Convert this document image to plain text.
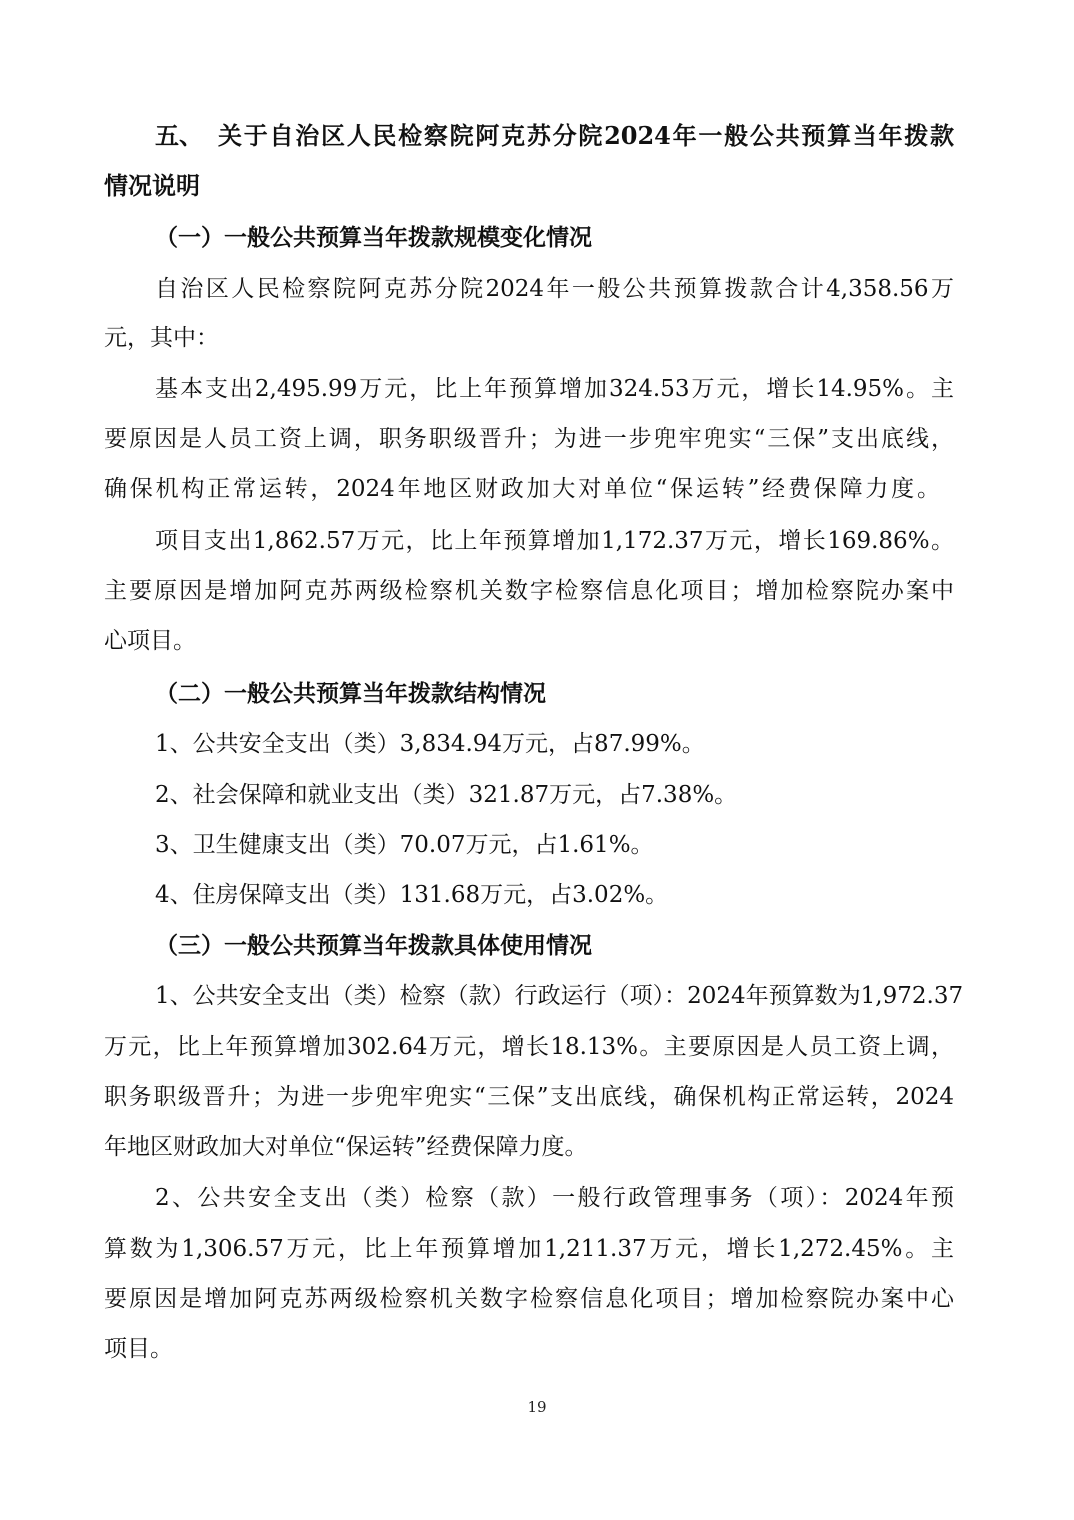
五、 关于自治区人民检察院阿克苏分院2024年一般公共预算当年拨款
情况说明
（一）一般公共预算当年拨款规模变化情况
自治区人民检察院阿克苏分院2024年一般公共预算拨款合计4,358.56万
元，其中：
基本支出2,495.99万元，比上年预算增加324.53万元，增长14.95%。主
要原因是人员工资上调，职务职级晋升；为进一步兜牢兜实“三保”支出底线，
确保机构正常运转，2024年地区财政加大对单位“保运转”经费保障力度。
项目支出1,862.57万元，比上年预算增加1,172.37万元，增长169.86%。
主要原因是增加阿克苏两级检察机关数字检察信息化项目；增加检察院办案中
心项目。
（二）一般公共预算当年拨款结构情况
1、公共安全支出（类）3,834.94万元，占87.99%。
2、社会保障和就业支出（类）321.87万元，占7.38%。
3、卫生健康支出（类）70.07万元，占1.61%。
4、住房保障支出（类）131.68万元，占3.02%。
（三）一般公共预算当年拨款具体使用情况
1、公共安全支出（类）检察（款）行政运行（项）：2024年预算数为1,972.37
万元，比上年预算增加302.64万元，增长18.13%。主要原因是人员工资上调，
职务职级晋升；为进一步兜牢兜实“三保”支出底线，确保机构正常运转，2024
年地区财政加大对单位“保运转”经费保障力度。
2、公共安全支出（类）检察（款）一般行政管理事务（项）：2024年预
算数为1,306.57万元，比上年预算增加1,211.37万元，增长1,272.45%。主
要原因是增加阿克苏两级检察机关数字检察信息化项目；增加检察院办案中心
项目。
19
